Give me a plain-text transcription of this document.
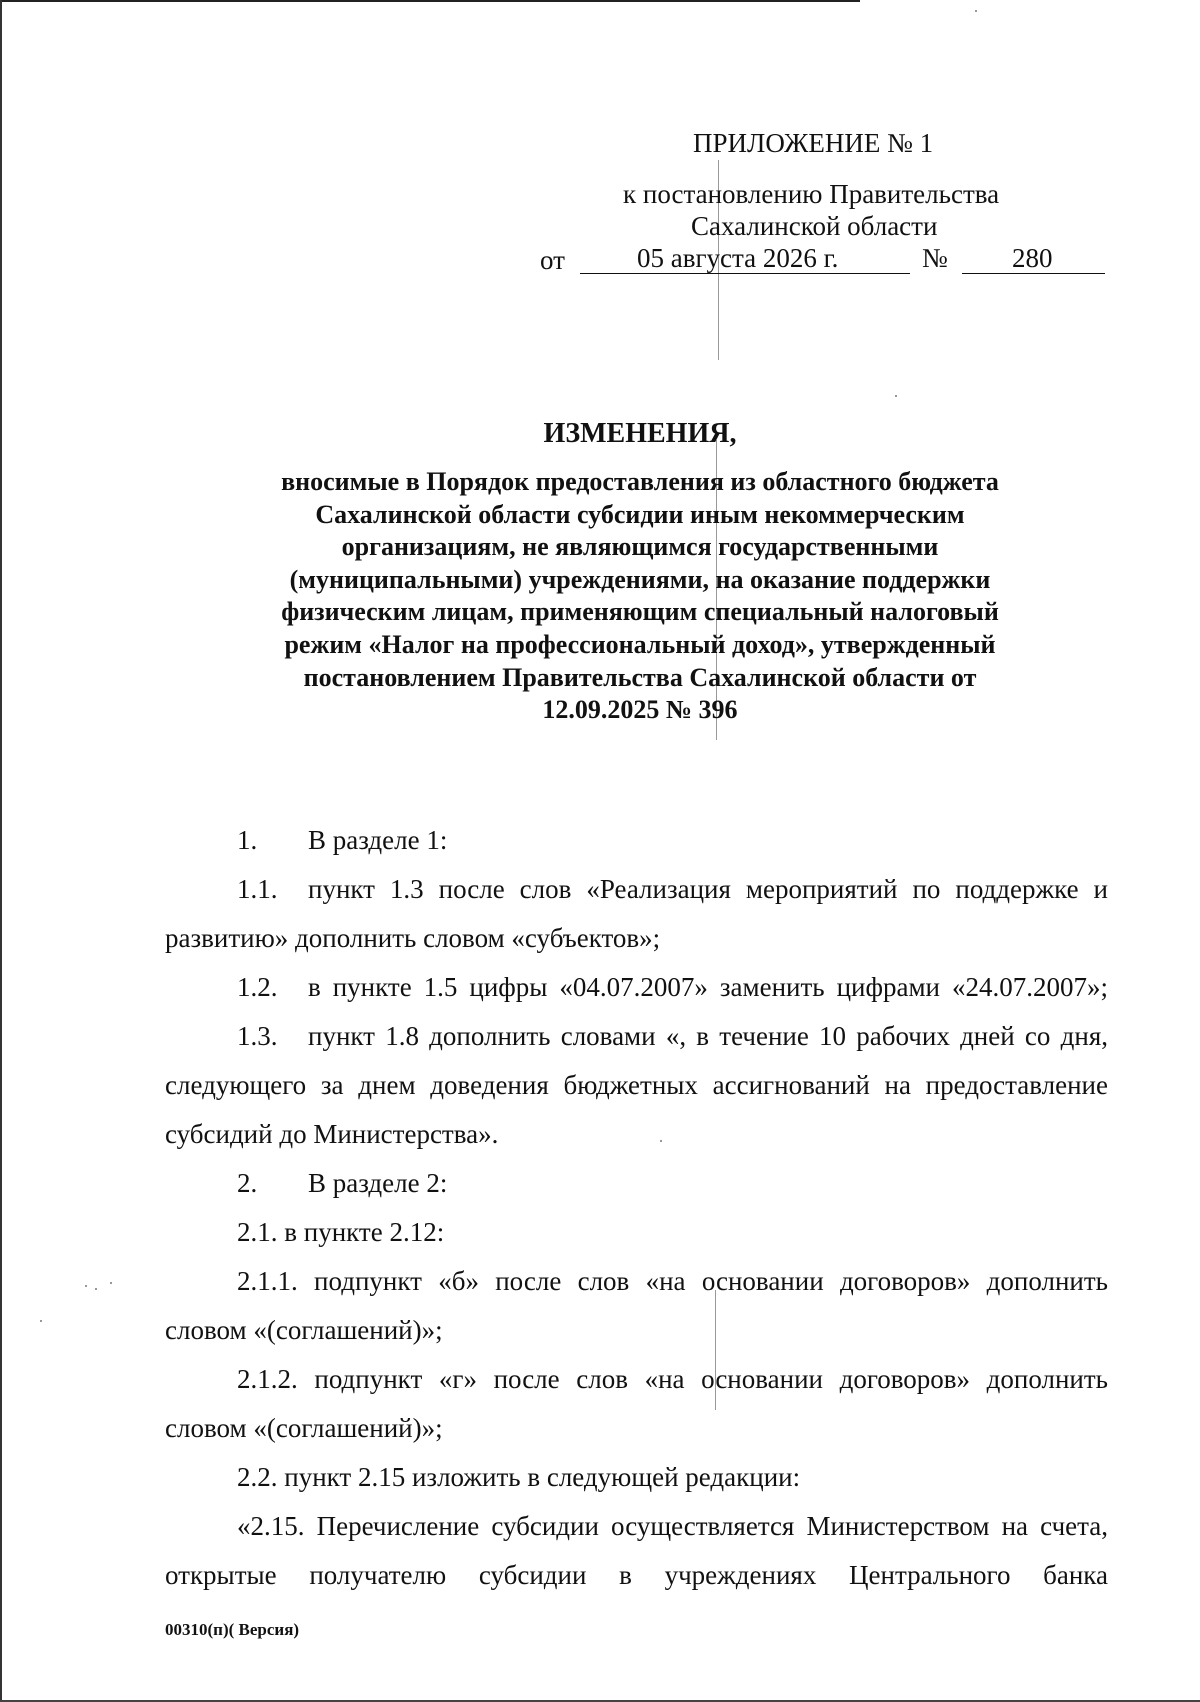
ПРИЛОЖЕНИЕ № 1
к постановлению Правительства
Сахалинской области
от	05 августа 2026 г.	№ 280
ИЗМЕНЕНИЯ,
вносимые в Порядок предоставления из областного бюджета Сахалинской области субсидии иным некоммерческим организациям, не являющимся государственными (муниципальными) учреждениями, на оказание поддержки физическим лицам, применяющим специальный налоговый режим «Налог на профессиональный доход», утвержденный постановлением Правительства Сахалинской области от 12.09.2025 № 396
1. В разделе 1:
1.1. пункт 1.3 после слов «Реализация мероприятий по поддержке и
развитию» дополнить словом «субъектов»;
1.2. в пункте 1.5 цифры «04.07.2007» заменить цифрами «24.07.2007»;
1.3. пункт 1.8 дополнить словами «, в течение 10 рабочих дней со дня,
следующего за днем доведения бюджетных ассигнований на предоставление
субсидий до Министерства».
2. В разделе 2:
2.1. в пункте 2.12:
2.1.1. подпункт «б» после слов «на основании договоров» дополнить
словом «(соглашений)»;
2.1.2. подпункт «г» после слов «на основании договоров» дополнить
словом «(соглашений)»;
2.2. пункт 2.15 изложить в следующей редакции:
«2.15. Перечисление субсидии осуществляется Министерством на счета,
открытые получателю субсидии в учреждениях Центрального банка
00310(п)( Версия)
